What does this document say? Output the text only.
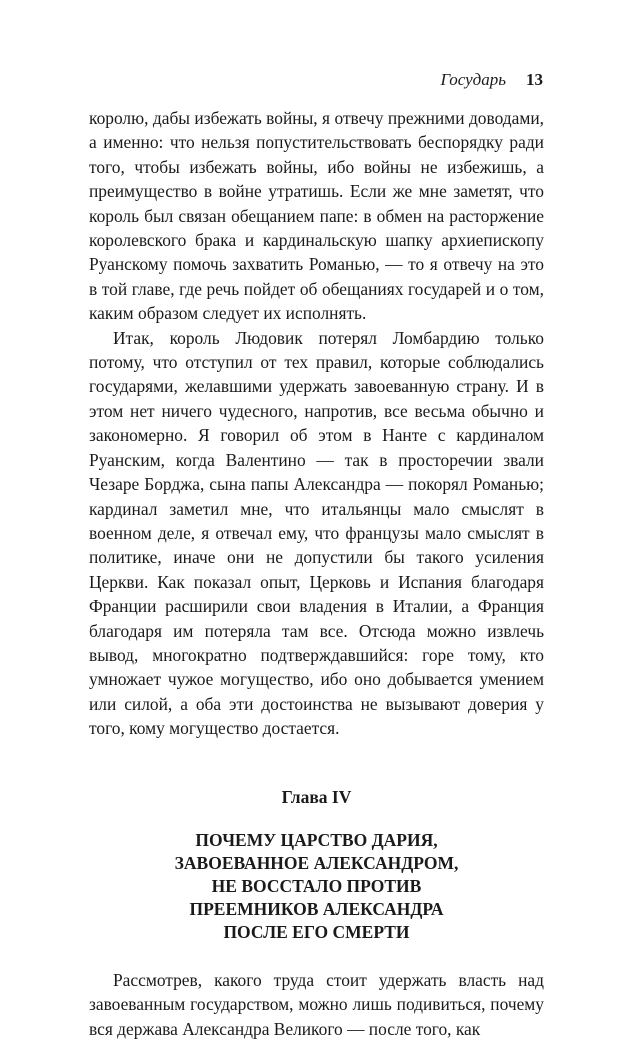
Государь 13

королю, дабы избежать войны, я отвечу прежними доводами, а именно: что нельзя попустительствовать беспорядку ради того, чтобы избежать войны, ибо войны не избежишь, а преимущество в войне утратишь. Если же мне заметят, что король был связан обещанием папе: в обмен на расторжение королевского брака и кардинальскую шапку архиепископу Руанскому помочь захватить Романью, — то я отвечу на это в той главе, где речь пойдет об обещаниях государей и о том, каким образом следует их исполнять.

Итак, король Людовик потерял Ломбардию только потому, что отступил от тех правил, которые соблюдались государями, желавшими удержать завоеванную страну. И в этом нет ничего чудесного, напротив, все весьма обычно и закономерно. Я говорил об этом в Нанте с кардиналом Руанским, когда Валентино — так в просторечии звали Чезаре Борджа, сына папы Александра — покорял Романью; кардинал заметил мне, что итальянцы мало смыслят в военном деле, я отвечал ему, что французы мало смыслят в политике, иначе они не допустили бы такого усиления Церкви. Как показал опыт, Церковь и Испания благодаря Франции расширили свои владения в Италии, а Франция благодаря им потеряла там все. Отсюда можно извлечь вывод, многократно подтверждавшийся: горе тому, кто умножает чужое могущество, ибо оно добывается умением или силой, а оба эти достоинства не вызывают доверия у того, кому могущество достается.

Глава IV
ПОЧЕМУ ЦАРСТВО ДАРИЯ,
ЗАВОЕВАННОЕ АЛЕКСАНДРОМ,
НЕ ВОССТАЛО ПРОТИВ
ПРЕЕМНИКОВ АЛЕКСАНДРА
ПОСЛЕ ЕГО СМЕРТИ

Рассмотрев, какого труда стоит удержать власть над завоеванным государством, можно лишь подивиться, почему вся держава Александра Великого — после того, как
